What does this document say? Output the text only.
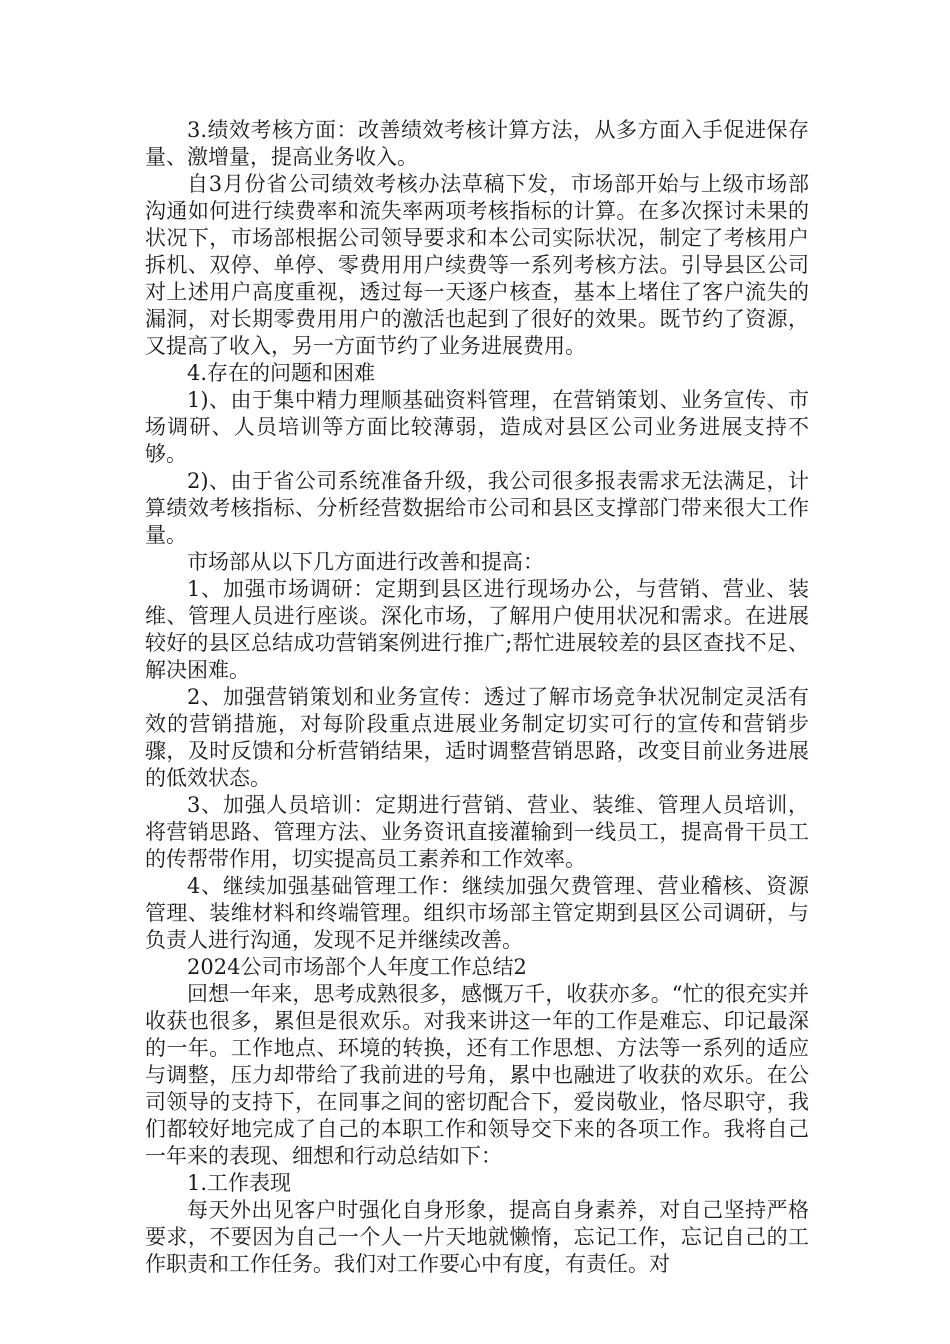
3.绩效考核方面：改善绩效考核计算方法，从多方面入手促进保存量、激增量，提高业务收入。

自3月份省公司绩效考核办法草稿下发，市场部开始与上级市场部沟通如何进行续费率和流失率两项考核指标的计算。在多次探讨未果的状况下，市场部根据公司领导要求和本公司实际状况，制定了考核用户拆机、双停、单停、零费用用户续费等一系列考核方法。引导县区公司对上述用户高度重视，透过每一天逐户核查，基本上堵住了客户流失的漏洞，对长期零费用用户的激活也起到了很好的效果。既节约了资源，又提高了收入，另一方面节约了业务进展费用。

4.存在的问题和困难

1)、由于集中精力理顺基础资料管理，在营销策划、业务宣传、市场调研、人员培训等方面比较薄弱，造成对县区公司业务进展支持不够。

2)、由于省公司系统准备升级，我公司很多报表需求无法满足，计算绩效考核指标、分析经营数据给市公司和县区支撑部门带来很大工作量。

市场部从以下几方面进行改善和提高：

1、加强市场调研：定期到县区进行现场办公，与营销、营业、装维、管理人员进行座谈。深化市场，了解用户使用状况和需求。在进展较好的县区总结成功营销案例进行推广;帮忙进展较差的县区查找不足、解决困难。

2、加强营销策划和业务宣传：透过了解市场竞争状况制定灵活有效的营销措施，对每阶段重点进展业务制定切实可行的宣传和营销步骤，及时反馈和分析营销结果，适时调整营销思路，改变目前业务进展的低效状态。

3、加强人员培训：定期进行营销、营业、装维、管理人员培训，将营销思路、管理方法、业务资讯直接灌输到一线员工，提高骨干员工的传帮带作用，切实提高员工素养和工作效率。

4、继续加强基础管理工作：继续加强欠费管理、营业稽核、资源管理、装维材料和终端管理。组织市场部主管定期到县区公司调研，与负责人进行沟通，发现不足并继续改善。

2024公司市场部个人年度工作总结2

回想一年来，思考成熟很多，感慨万千，收获亦多。“忙的很充实并收获也很多，累但是很欢乐。对我来讲这一年的工作是难忘、印记最深的一年。工作地点、环境的转换，还有工作思想、方法等一系列的适应与调整，压力却带给了我前进的号角，累中也融进了收获的欢乐。在公司领导的支持下，在同事之间的密切配合下，爱岗敬业，恪尽职守，我们都较好地完成了自己的本职工作和领导交下来的各项工作。我将自己一年来的表现、细想和行动总结如下：

1.工作表现

每天外出见客户时强化自身形象，提高自身素养，对自己坚持严格要求，不要因为自己一个人一片天地就懒惰，忘记工作，忘记自己的工作职责和工作任务。我们对工作要心中有度，有责任。对
